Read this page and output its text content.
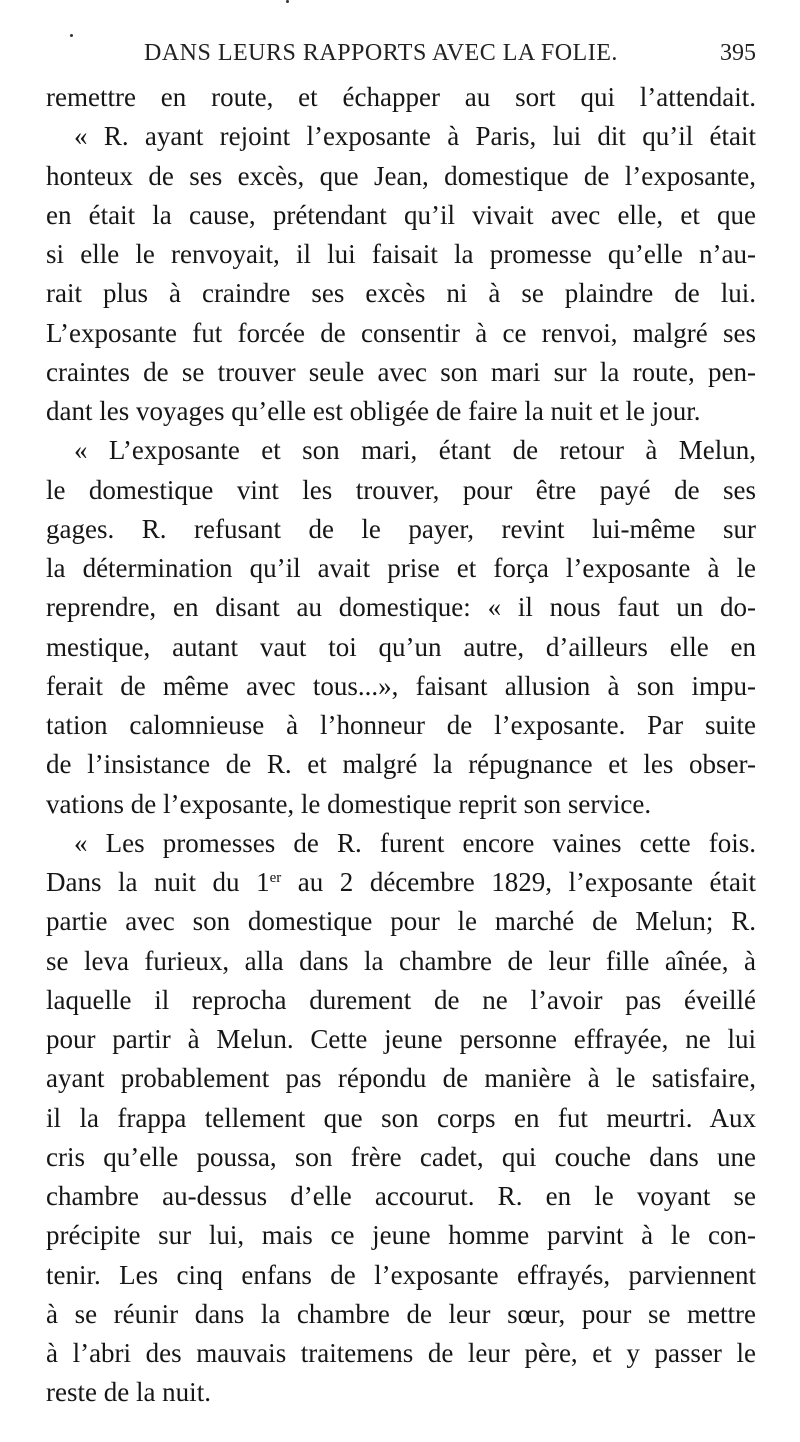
DANS LEURS RAPPORTS AVEC LA FOLIE.	395
remettre en route, et échapper au sort qui l’attendait.
« R. ayant rejoint l’exposante à Paris, lui dit qu’il était
honteux de ses excès, que Jean, domestique de l’exposante,
en était la cause, prétendant qu’il vivait avec elle, et que
si elle le renvoyait, il lui faisait la promesse qu’elle n’au-
rait plus à craindre ses excès ni à se plaindre de lui.
L’exposante fut forcée de consentir à ce renvoi, malgré ses
craintes de se trouver seule avec son mari sur la route, pen-
dant les voyages qu’elle est obligée de faire la nuit et le jour.
« L’exposante et son mari, étant de retour à Melun,
le domestique vint les trouver, pour être payé de ses
gages. R. refusant de le payer, revint lui-même sur
la détermination qu’il avait prise et força l’exposante à le
reprendre, en disant au domestique: « il nous faut un do-
mestique, autant vaut toi qu’un autre, d’ailleurs elle en
ferait de même avec tous...», faisant allusion à son impu-
tation calomnieuse à l’honneur de l’exposante. Par suite
de l’insistance de R. et malgré la répugnance et les obser-
vations de l’exposante, le domestique reprit son service.
« Les promesses de R. furent encore vaines cette fois.
Dans la nuit du 1er au 2 décembre 1829, l’exposante était
partie avec son domestique pour le marché de Melun; R.
se leva furieux, alla dans la chambre de leur fille aînée, à
laquelle il reprocha durement de ne l’avoir pas éveillé
pour partir à Melun. Cette jeune personne effrayée, ne lui
ayant probablement pas répondu de manière à le satisfaire,
il la frappa tellement que son corps en fut meurtri. Aux
cris qu’elle poussa, son frère cadet, qui couche dans une
chambre au-dessus d’elle accourut. R. en le voyant se
précipite sur lui, mais ce jeune homme parvint à le con-
tenir. Les cinq enfans de l’exposante effrayés, parviennent
à se réunir dans la chambre de leur sœur, pour se mettre
à l’abri des mauvais traitemens de leur père, et y passer le
reste de la nuit.
